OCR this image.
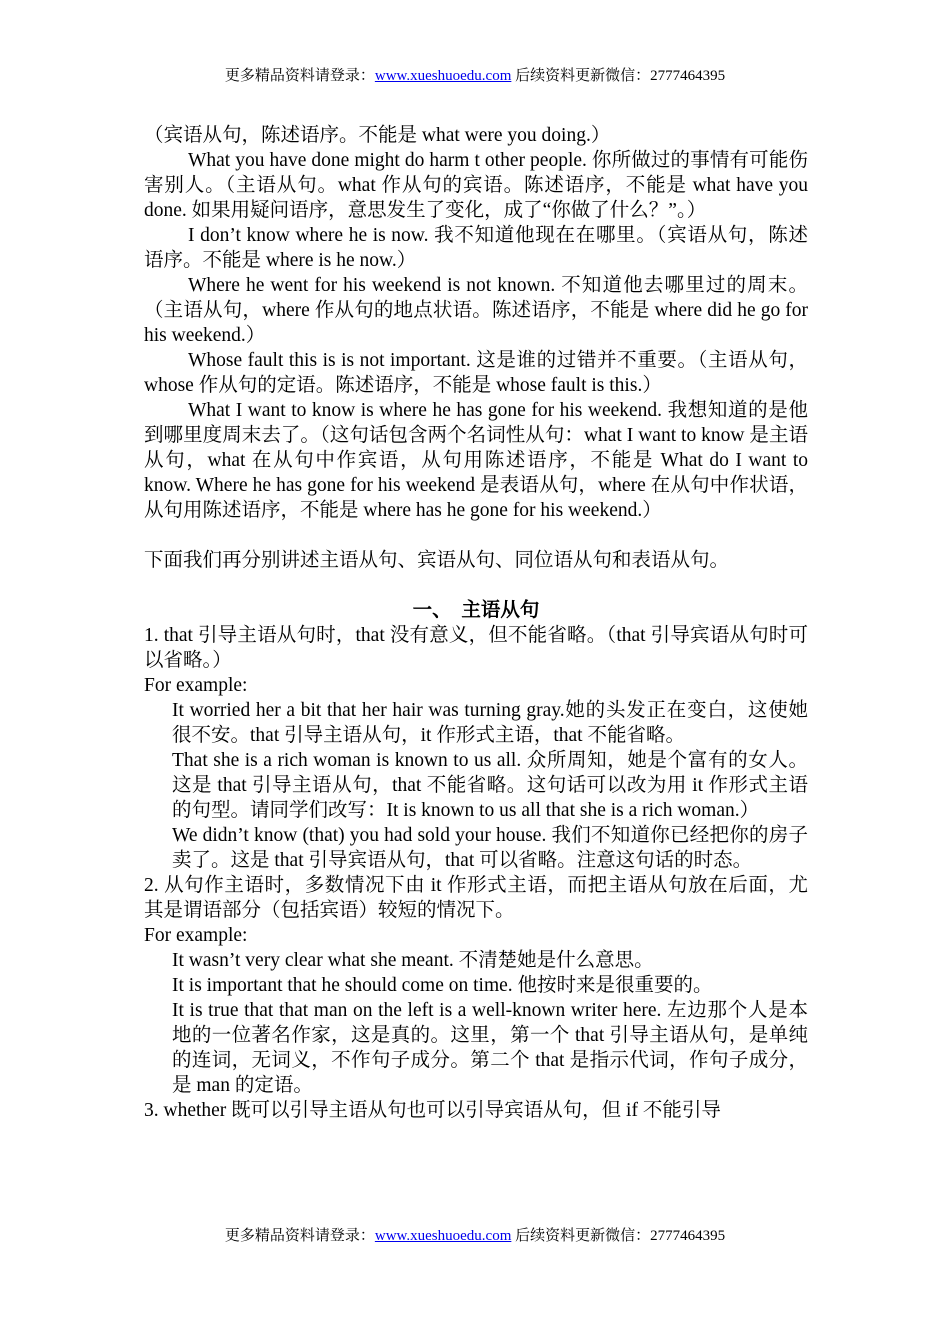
更多精品资料请登录：www.xueshuoedu.com 后续资料更新微信：2777464395

（宾语从句，陈述语序。不能是 what were you doing.）

What you have done might do harm t other people. 你所做过的事情有可能伤害别人。（主语从句。what 作从句的宾语。陈述语序，不能是 what have you done. 如果用疑问语序，意思发生了变化，成了“你做了什么？”。）

I don’t know where he is now. 我不知道他现在在哪里。（宾语从句，陈述语序。不能是 where is he now.）

Where he went for his weekend is not known. 不知道他去哪里过的周末。（主语从句，where 作从句的地点状语。陈述语序，不能是 where did he go for his weekend.）

Whose fault this is is not important. 这是谁的过错并不重要。（主语从句，whose 作从句的定语。陈述语序，不能是 whose fault is this.）

What I want to know is where he has gone for his weekend. 我想知道的是他到哪里度周末去了。（这句话包含两个名词性从句：what I want to know 是主语从句，what 在从句中作宾语，从句用陈述语序，不能是 What do I want to know. Where he has gone for his weekend 是表语从句，where 在从句中作状语，从句用陈述语序，不能是 where has he gone for his weekend.）

下面我们再分别讲述主语从句、宾语从句、同位语从句和表语从句。

一、　主语从句

1. that 引导主语从句时，that 没有意义，但不能省略。（that 引导宾语从句时可以省略。）

For example:

It worried her a bit that her hair was turning gray.她的头发正在变白，这使她很不安。that 引导主语从句，it 作形式主语，that 不能省略。

That she is a rich woman is known to us all. 众所周知，她是个富有的女人。这是 that 引导主语从句，that 不能省略。这句话可以改为用 it 作形式主语的句型。请同学们改写：It is known to us all that she is a rich woman.）

We didn’t know (that) you had sold your house. 我们不知道你已经把你的房子卖了。这是 that 引导宾语从句，that 可以省略。注意这句话的时态。

2. 从句作主语时，多数情况下由 it 作形式主语，而把主语从句放在后面，尤其是谓语部分（包括宾语）较短的情况下。

For example:

It wasn’t very clear what she meant. 不清楚她是什么意思。

It is important that he should come on time. 他按时来是很重要的。

It is true that that man on the left is a well-known writer here. 左边那个人是本地的一位著名作家，这是真的。这里，第一个 that 引导主语从句，是单纯的连词，无词义，不作句子成分。第二个 that 是指示代词，作句子成分，是 man 的定语。

3. whether 既可以引导主语从句也可以引导宾语从句，但 if 不能引导

更多精品资料请登录：www.xueshuoedu.com 后续资料更新微信：2777464395
